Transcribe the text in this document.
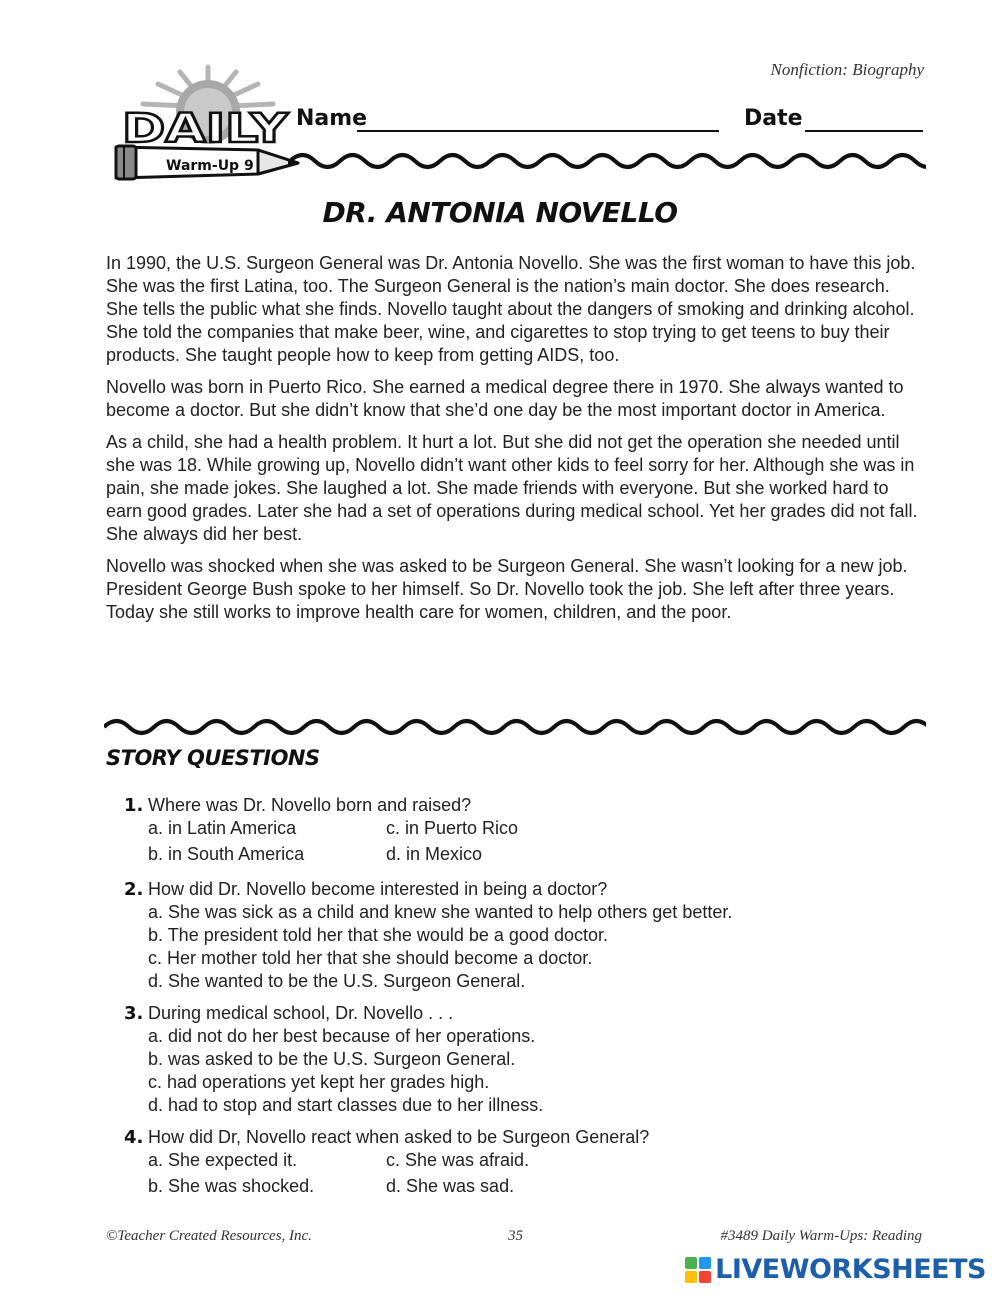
Nonfiction: Biography
DAILY
Warm-Up 9
Name	Date
DR. ANTONIA NOVELLO

In 1990, the U.S. Surgeon General was Dr. Antonia Novello. She was the first woman to have this job. She was the first Latina, too. The Surgeon General is the nation’s main doctor. She does research. She tells the public what she finds. Novello taught about the dangers of smoking and drinking alcohol. She told the companies that make beer, wine, and cigarettes to stop trying to get teens to buy their products. She taught people how to keep from getting AIDS, too.

Novello was born in Puerto Rico. She earned a medical degree there in 1970. She always wanted to become a doctor. But she didn’t know that she’d one day be the most important doctor in America.

As a child, she had a health problem. It hurt a lot. But she did not get the operation she needed until she was 18. While growing up, Novello didn’t want other kids to feel sorry for her. Although she was in pain, she made jokes. She laughed a lot. She made friends with everyone. But she worked hard to earn good grades. Later she had a set of operations during medical school. Yet her grades did not fall. She always did her best.

Novello was shocked when she was asked to be Surgeon General. She wasn’t looking for a new job. President George Bush spoke to her himself. So Dr. Novello took the job. She left after three years. Today she still works to improve health care for women, children, and the poor.

STORY QUESTIONS
1. Where was Dr. Novello born and raised?
a. in Latin America	c. in Puerto Rico
b. in South America	d. in Mexico
2. How did Dr. Novello become interested in being a doctor?
a. She was sick as a child and knew she wanted to help others get better.
b. The president told her that she would be a good doctor.
c. Her mother told her that she should become a doctor.
d. She wanted to be the U.S. Surgeon General.
3. During medical school, Dr. Novello . . .
a. did not do her best because of her operations.
b. was asked to be the U.S. Surgeon General.
c. had operations yet kept her grades high.
d. had to stop and start classes due to her illness.
4. How did Dr, Novello react when asked to be Surgeon General?
a. She expected it.	c. She was afraid.
b. She was shocked.	d. She was sad.
©Teacher Created Resources, Inc.	35	#3489 Daily Warm-Ups: Reading
LIVEWORKSHEETS
